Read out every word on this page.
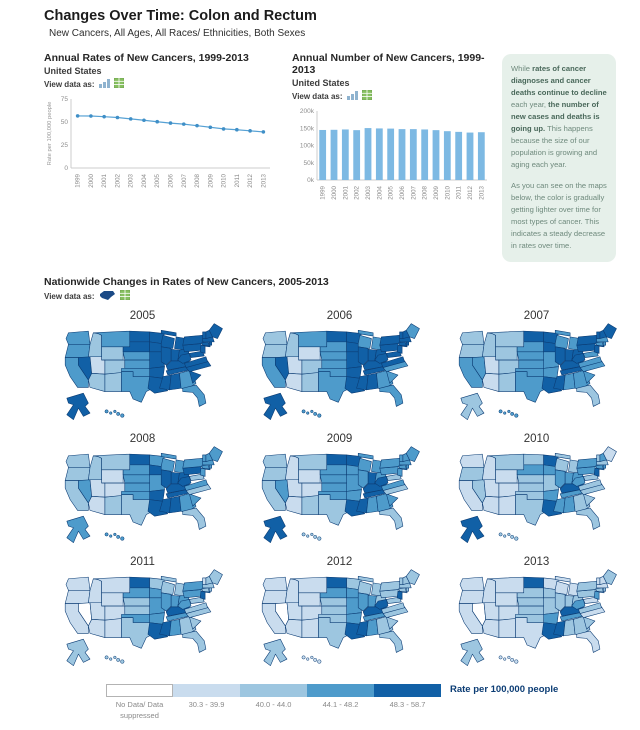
Changes Over Time: Colon and Rectum
New Cancers, All Ages, All Races/ Ethnicities, Both Sexes
Annual Rates of New Cancers, 1999-2013
United States
View data as:
0
25
50
75
Rate per 100,000 people
1999 2000 2001 2002 2003 2004 2005 2006 2007 2008 2009 2010 2011 2012 2013
Annual Number of New Cancers, 1999-2013
United States
View data as:
0k
50k
100k
150k
200k
1999 2000 2001 2002 2003 2004 2005 2006 2007 2008 2009 2010 2011 2012 2013

While rates of cancer diagnoses and cancer deaths continue to decline each year, the number of new cases and deaths is going up. This happens because the size of our population is growing and aging each year.

As you can see on the maps below, the color is gradually getting lighter over time for most types of cancer. This indicates a steady decrease in rates over time.

Nationwide Changes in Rates of New Cancers, 2005-2013
View data as:
2005	2006	2007
2008	2009	2010
2011	2012	2013
No Data/ Data suppressed
30.3 - 39.9	40.0 - 44.0	44.1 - 48.2	48.3 - 58.7
Rate per 100,000 people
